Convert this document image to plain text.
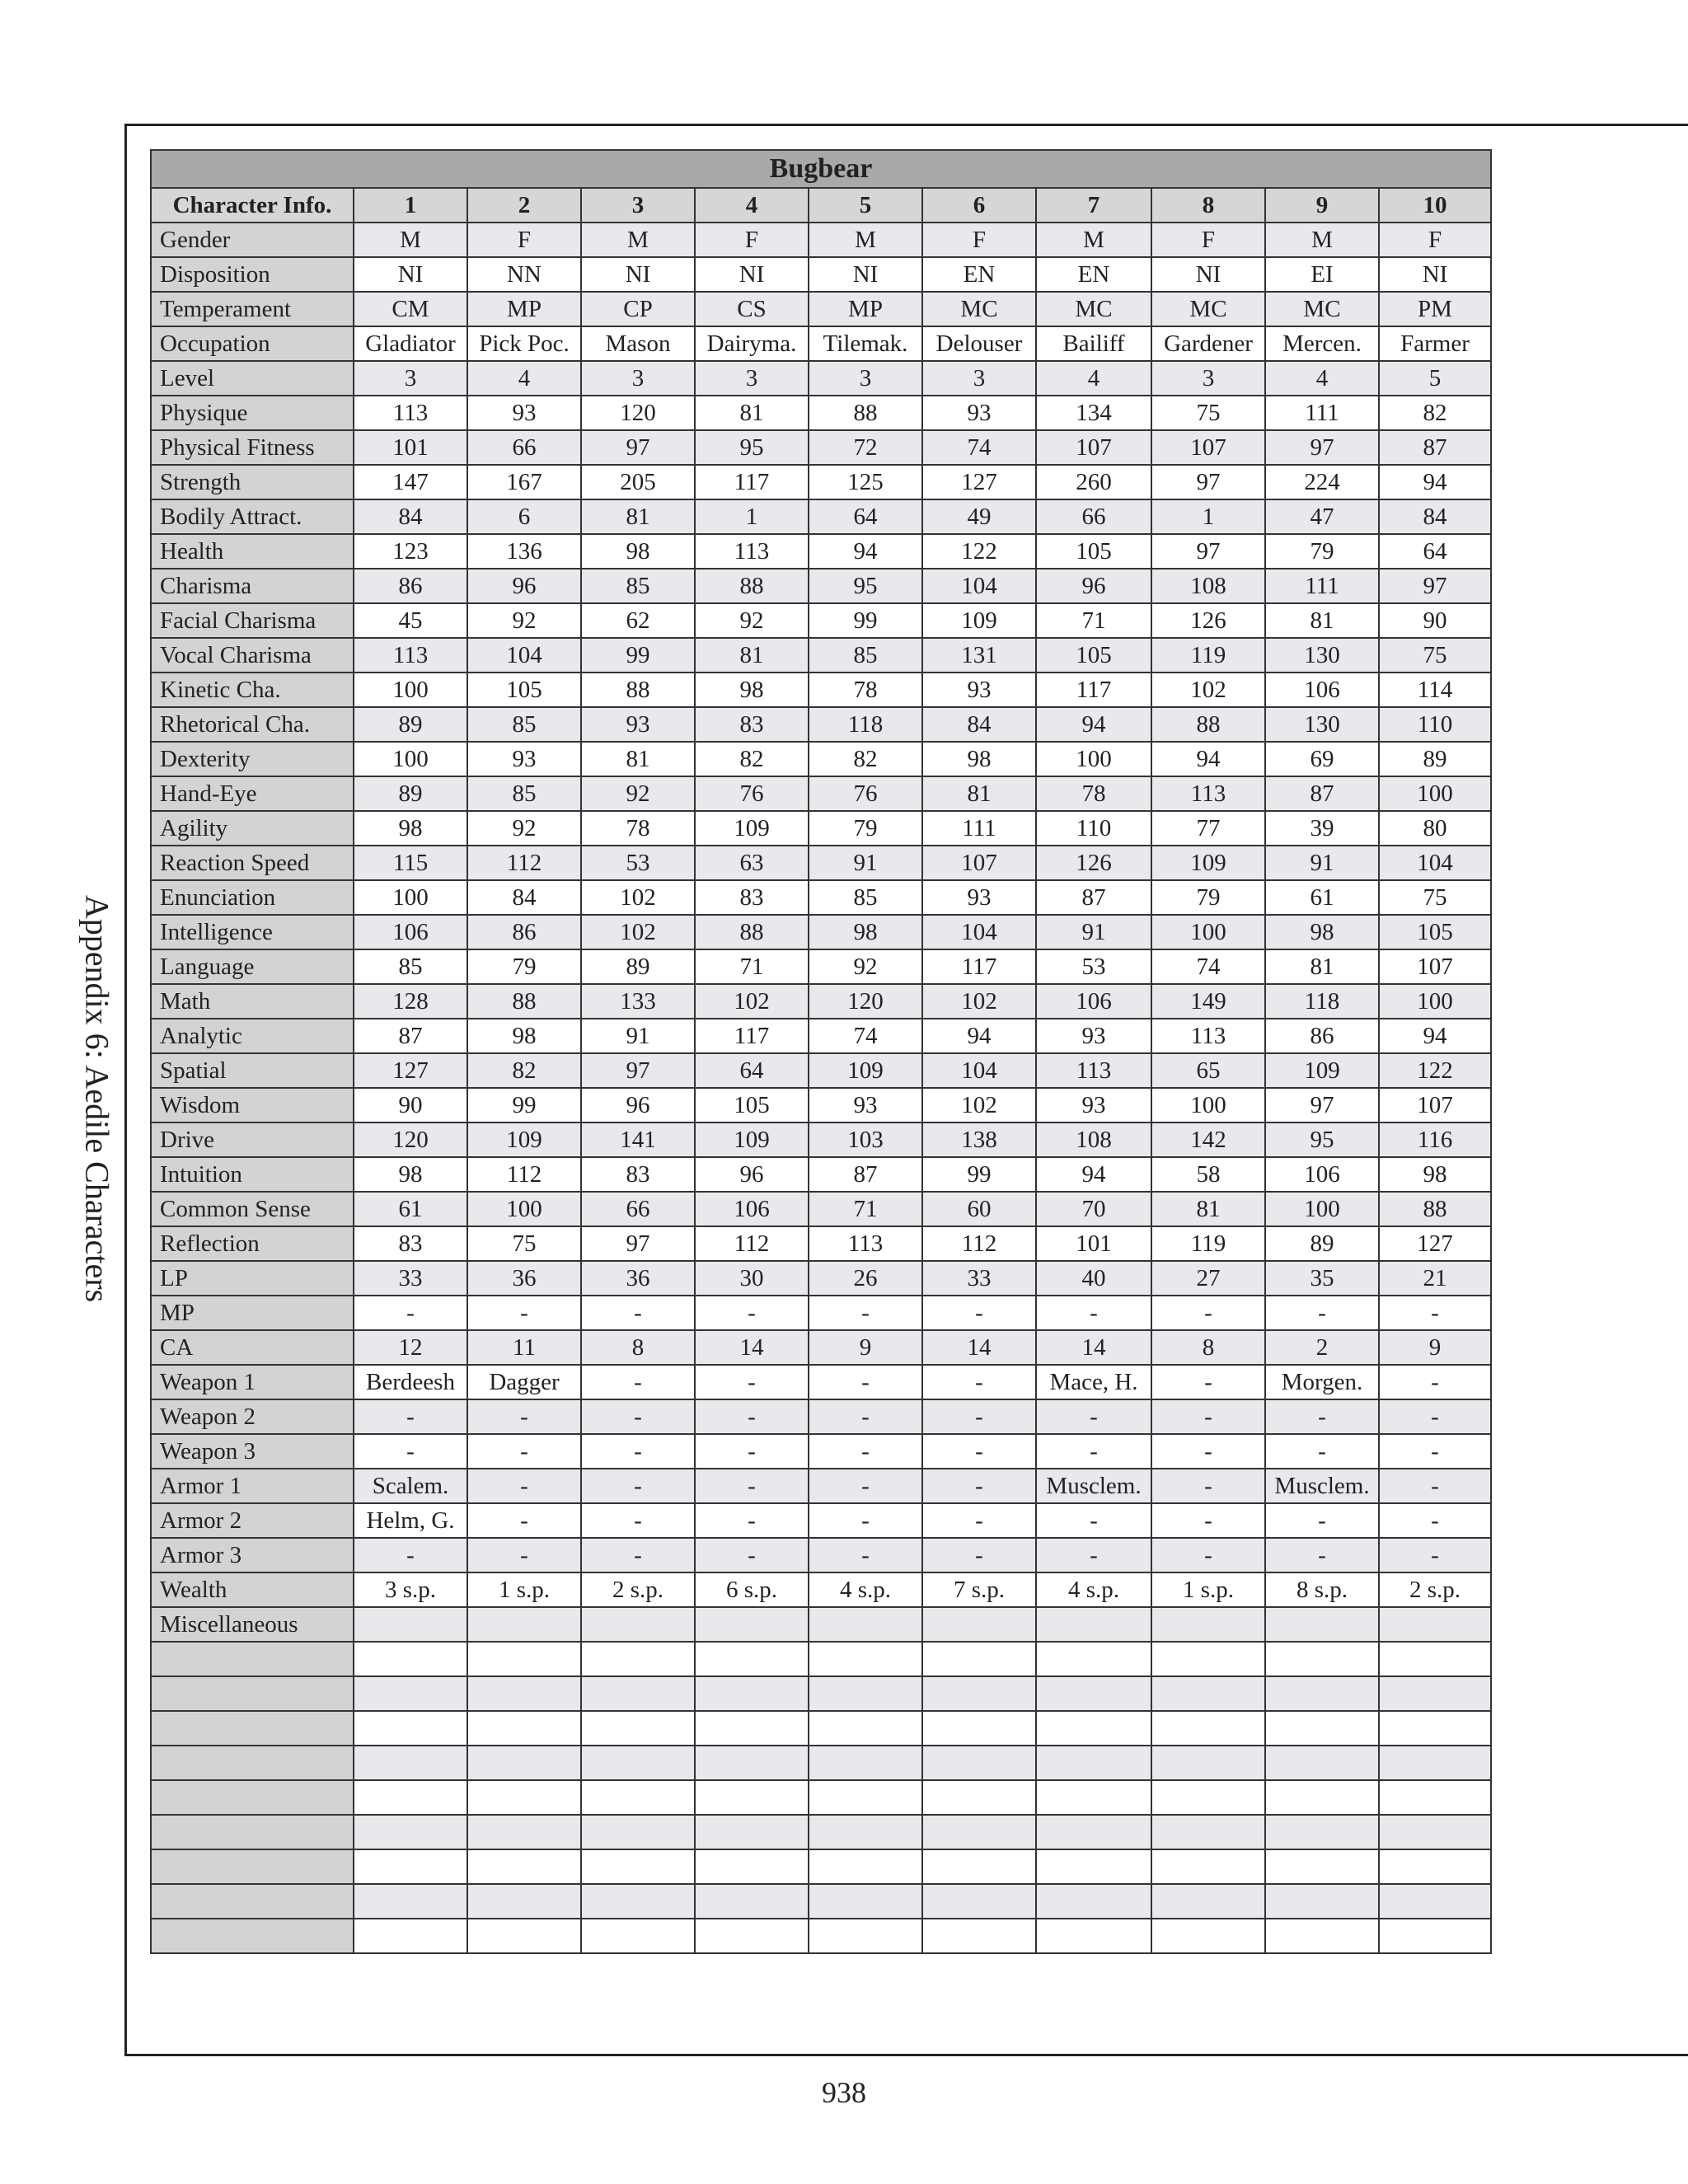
Appendix 6: Aedile Characters
Bugbear										
Character Info.	1	2	3	4	5	6	7	8	9	10
Gender	M	F	M	F	M	F	M	F	M	F
Disposition	NI	NN	NI	NI	NI	EN	EN	NI	EI	NI
Temperament	CM	MP	CP	CS	MP	MC	MC	MC	MC	PM
Occupation	Gladiator	Pick Poc.	Mason	Dairyma.	Tilemak.	Delouser	Bailiff	Gardener	Mercen.	Farmer
Level	3	4	3	3	3	3	4	3	4	5
Physique	113	93	120	81	88	93	134	75	111	82
Physical Fitness	101	66	97	95	72	74	107	107	97	87
Strength	147	167	205	117	125	127	260	97	224	94
Bodily Attract.	84	6	81	1	64	49	66	1	47	84
Health	123	136	98	113	94	122	105	97	79	64
Charisma	86	96	85	88	95	104	96	108	111	97
Facial Charisma	45	92	62	92	99	109	71	126	81	90
Vocal Charisma	113	104	99	81	85	131	105	119	130	75
Kinetic Cha.	100	105	88	98	78	93	117	102	106	114
Rhetorical Cha.	89	85	93	83	118	84	94	88	130	110
Dexterity	100	93	81	82	82	98	100	94	69	89
Hand-Eye	89	85	92	76	76	81	78	113	87	100
Agility	98	92	78	109	79	111	110	77	39	80
Reaction Speed	115	112	53	63	91	107	126	109	91	104
Enunciation	100	84	102	83	85	93	87	79	61	75
Intelligence	106	86	102	88	98	104	91	100	98	105
Language	85	79	89	71	92	117	53	74	81	107
Math	128	88	133	102	120	102	106	149	118	100
Analytic	87	98	91	117	74	94	93	113	86	94
Spatial	127	82	97	64	109	104	113	65	109	122
Wisdom	90	99	96	105	93	102	93	100	97	107
Drive	120	109	141	109	103	138	108	142	95	116
Intuition	98	112	83	96	87	99	94	58	106	98
Common Sense	61	100	66	106	71	60	70	81	100	88
Reflection	83	75	97	112	113	112	101	119	89	127
LP	33	36	36	30	26	33	40	27	35	21
MP	-	-	-	-	-	-	-	-	-	-
CA	12	11	8	14	9	14	14	8	2	9
Weapon 1	Berdeesh	Dagger	-	-	-	-	Mace, H.	-	Morgen.	-
Weapon 2	-	-	-	-	-	-	-	-	-	-
Weapon 3	-	-	-	-	-	-	-	-	-	-
Armor 1	Scalem.	-	-	-	-	-	Musclem.	-	Musclem.	-
Armor 2	Helm, G.	-	-	-	-	-	-	-	-	-
Armor 3	-	-	-	-	-	-	-	-	-	-
Wealth	3 s.p.	1 s.p.	2 s.p.	6 s.p.	4 s.p.	7 s.p.	4 s.p.	1 s.p.	8 s.p.	2 s.p.
Miscellaneous										

938
